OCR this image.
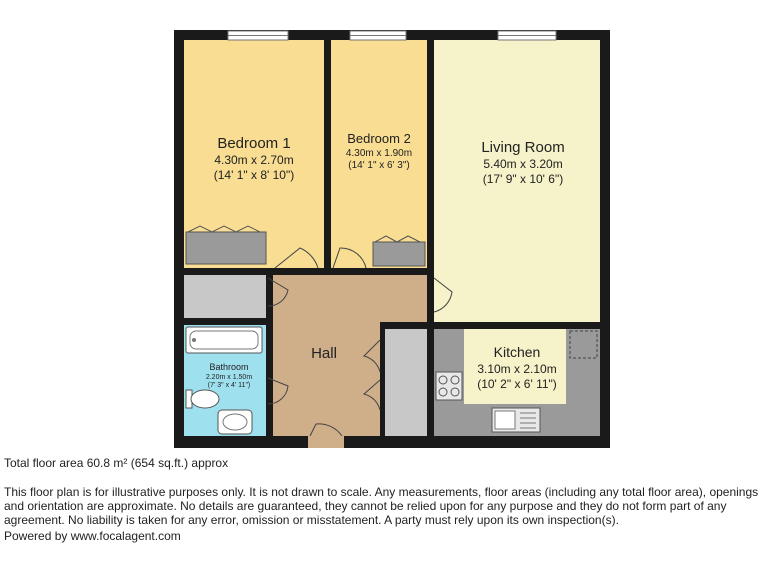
Bedroom 1
4.30m x 2.70m
(14' 1" x 8' 10")
Bedroom 2
4.30m x 1.90m
(14' 1" x 6' 3")
Living Room
5.40m x 3.20m
(17' 9" x 10' 6")
Kitchen
3.10m x 2.10m
(10' 2" x 6' 11")
Bathroom
2.20m x 1.50m
(7' 3" x 4' 11")
Hall
Total floor area 60.8 m² (654 sq.ft.) approx
This floor plan is for illustrative purposes only. It is not drawn to scale. Any measurements, floor areas (including any total floor area), openings and orientation are approximate. No details are guaranteed, they cannot be relied upon for any purpose and they do not form part of any agreement. No liability is taken for any error, omission or misstatement. A party must rely upon its own inspection(s).
Powered by www.focalagent.com
